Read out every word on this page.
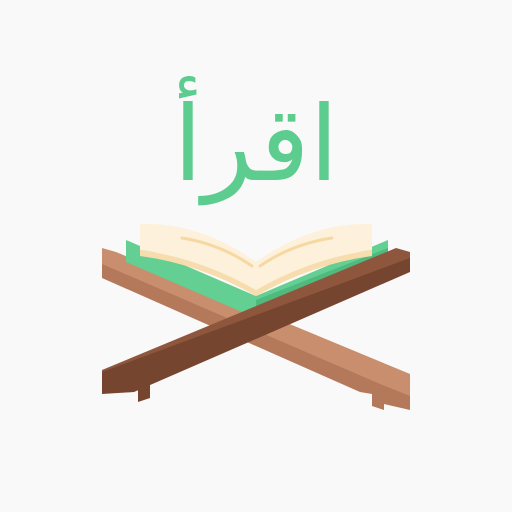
اقرأ
